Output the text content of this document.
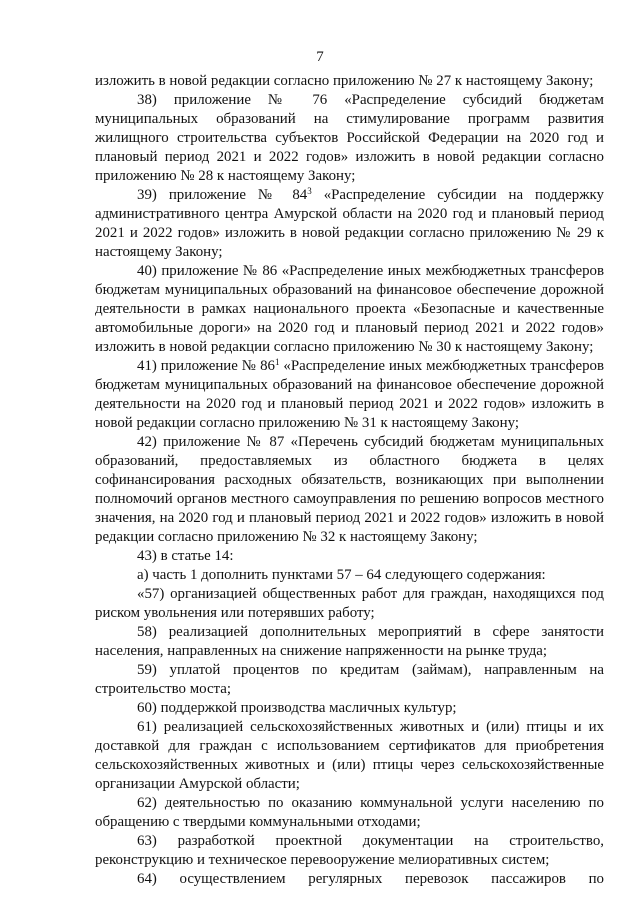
7

изложить в новой редакции согласно приложению № 27 к настоящему Закону;

38) приложение № 76 «Распределение субсидий бюджетам муниципальных образований на стимулирование программ развития жилищного строительства субъектов Российской Федерации на 2020 год и плановый период 2021 и 2022 годов» изложить в новой редакции согласно приложению № 28 к настоящему Закону;

39) приложение № $84^3$ «Распределение субсидии на поддержку административного центра Амурской области на 2020 год и плановый период 2021 и 2022 годов» изложить в новой редакции согласно приложению № 29 к настоящему Закону;

40) приложение № 86 «Распределение иных межбюджетных трансферов бюджетам муниципальных образований на финансовое обеспечение дорожной деятельности в рамках национального проекта «Безопасные и качественные автомобильные дороги» на 2020 год и плановый период 2021 и 2022 годов» изложить в новой редакции согласно приложению № 30 к настоящему Закону;

41) приложение № $86^1$ «Распределение иных межбюджетных трансферов бюджетам муниципальных образований на финансовое обеспечение дорожной деятельности на 2020 год и плановый период 2021 и 2022 годов» изложить в новой редакции согласно приложению № 31 к настоящему Закону;

42) приложение № 87 «Перечень субсидий бюджетам муниципальных образований, предоставляемых из областного бюджета в целях софинансирования расходных обязательств, возникающих при выполнении полномочий органов местного самоуправления по решению вопросов местного значения, на 2020 год и плановый период 2021 и 2022 годов» изложить в новой редакции согласно приложению № 32 к настоящему Закону;

43) в статье 14:

а) часть 1 дополнить пунктами 57 – 64 следующего содержания:

«57) организацией общественных работ для граждан, находящихся под риском увольнения или потерявших работу;

58) реализацией дополнительных мероприятий в сфере занятости населения, направленных на снижение напряженности на рынке труда;

59) уплатой процентов по кредитам (займам), направленным на строительство моста;

60) поддержкой производства масличных культур;

61) реализацией сельскохозяйственных животных и (или) птицы и их доставкой для граждан с использованием сертификатов для приобретения сельскохозяйственных животных и (или) птицы через сельскохозяйственные организации Амурской области;

62) деятельностью по оказанию коммунальной услуги населению по обращению с твердыми коммунальными отходами;

63) разработкой проектной документации на строительство, реконструкцию и техническое перевооружение мелиоративных систем;

64) осуществлением регулярных перевозок пассажиров по
